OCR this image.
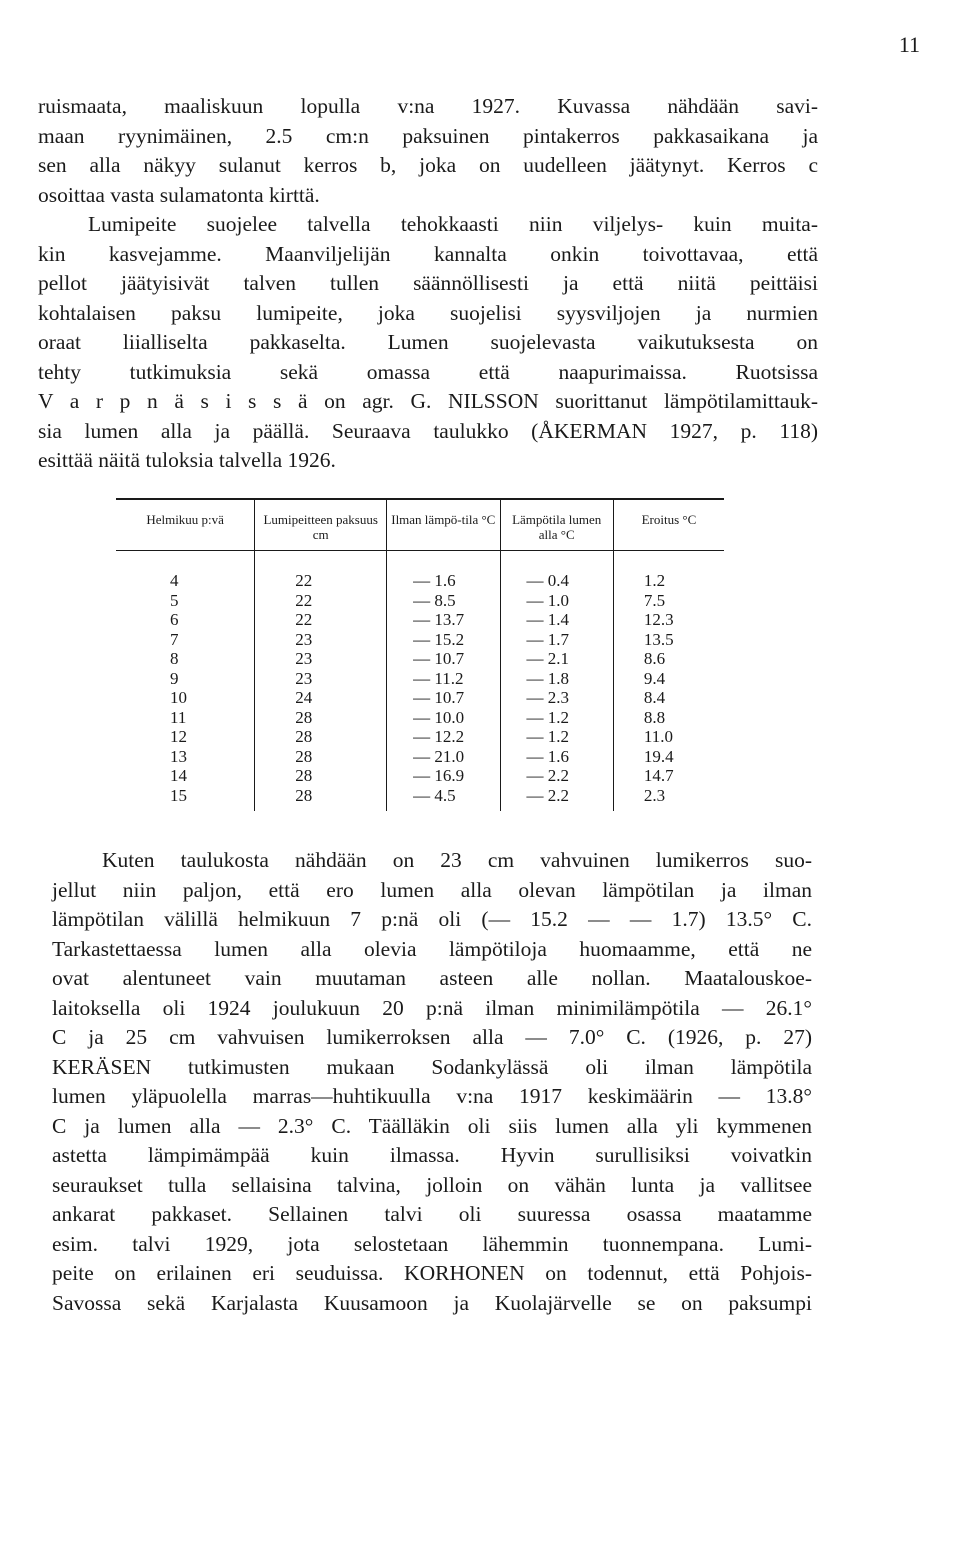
11
ruismaata, maaliskuun lopulla v:na 1927. Kuvassa nähdään savi-
maan ryynimäinen, 2.5 cm:n paksuinen pintakerros pakkasaikana ja
sen alla näkyy sulanut kerros b, joka on uudelleen jäätynyt. Kerros c
osoittaa vasta sulamatonta kirttä.
Lumipeite suojelee talvella tehokkaasti niin viljelys- kuin muita-
kin kasvejamme. Maanviljelijän kannalta onkin toivottavaa, että
pellot jäätyisivät talven tullen säännöllisesti ja että niitä peittäisi
kohtalaisen paksu lumipeite, joka suojelisi syysviljojen ja nurmien
oraat liialliselta pakkaselta. Lumen suojelevasta vaikutuksesta on
tehty tutkimuksia sekä omassa että naapurimaissa. Ruotsissa
V a r p n ä s i s s ä on agr. G. NILSSON suorittanut lämpötilamittauk-
sia lumen alla ja päällä. Seuraava taulukko (ÅKERMAN 1927, p. 118)
esittää näitä tuloksia talvella 1926.
Helmikuu p:vä	Lumipeitteen paksuus cm	Ilman lämpö-tila °C	Lämpötila lumen alla °C	Eroitus °C
4	22	— 1.6	— 0.4	1.2
5	22	— 8.5	— 1.0	7.5
6	22	— 13.7	— 1.4	12.3
7	23	— 15.2	— 1.7	13.5
8	23	— 10.7	— 2.1	8.6
9	23	— 11.2	— 1.8	9.4
10	24	— 10.7	— 2.3	8.4
11	28	— 10.0	— 1.2	8.8
12	28	— 12.2	— 1.2	11.0
13	28	— 21.0	— 1.6	19.4
14	28	— 16.9	— 2.2	14.7
15	28	— 4.5	— 2.2	2.3
Kuten taulukosta nähdään on 23 cm vahvuinen lumikerros suo-
jellut niin paljon, että ero lumen alla olevan lämpötilan ja ilman
lämpötilan välillä helmikuun 7 p:nä oli (— 15.2 — — 1.7) 13.5° C.
Tarkastettaessa lumen alla olevia lämpötiloja huomaamme, että ne
ovat alentuneet vain muutaman asteen alle nollan. Maatalouskoe-
laitoksella oli 1924 joulukuun 20 p:nä ilman minimilämpötila — 26.1°
C ja 25 cm vahvuisen lumikerroksen alla — 7.0° C. (1926, p. 27)
KERÄSEN tutkimusten mukaan Sodankylässä oli ilman lämpötila
lumen yläpuolella marras—huhtikuulla v:na 1917 keskimäärin — 13.8°
C ja lumen alla — 2.3° C. Täälläkin oli siis lumen alla yli kymmenen
astetta lämpimämpää kuin ilmassa. Hyvin surullisiksi voivatkin
seuraukset tulla sellaisina talvina, jolloin on vähän lunta ja vallitsee
ankarat pakkaset. Sellainen talvi oli suuressa osassa maatamme
esim. talvi 1929, jota selostetaan lähemmin tuonnempana. Lumi-
peite on erilainen eri seuduissa. KORHONEN on todennut, että Pohjois-
Savossa sekä Karjalasta Kuusamoon ja Kuolajärvelle se on paksumpi
